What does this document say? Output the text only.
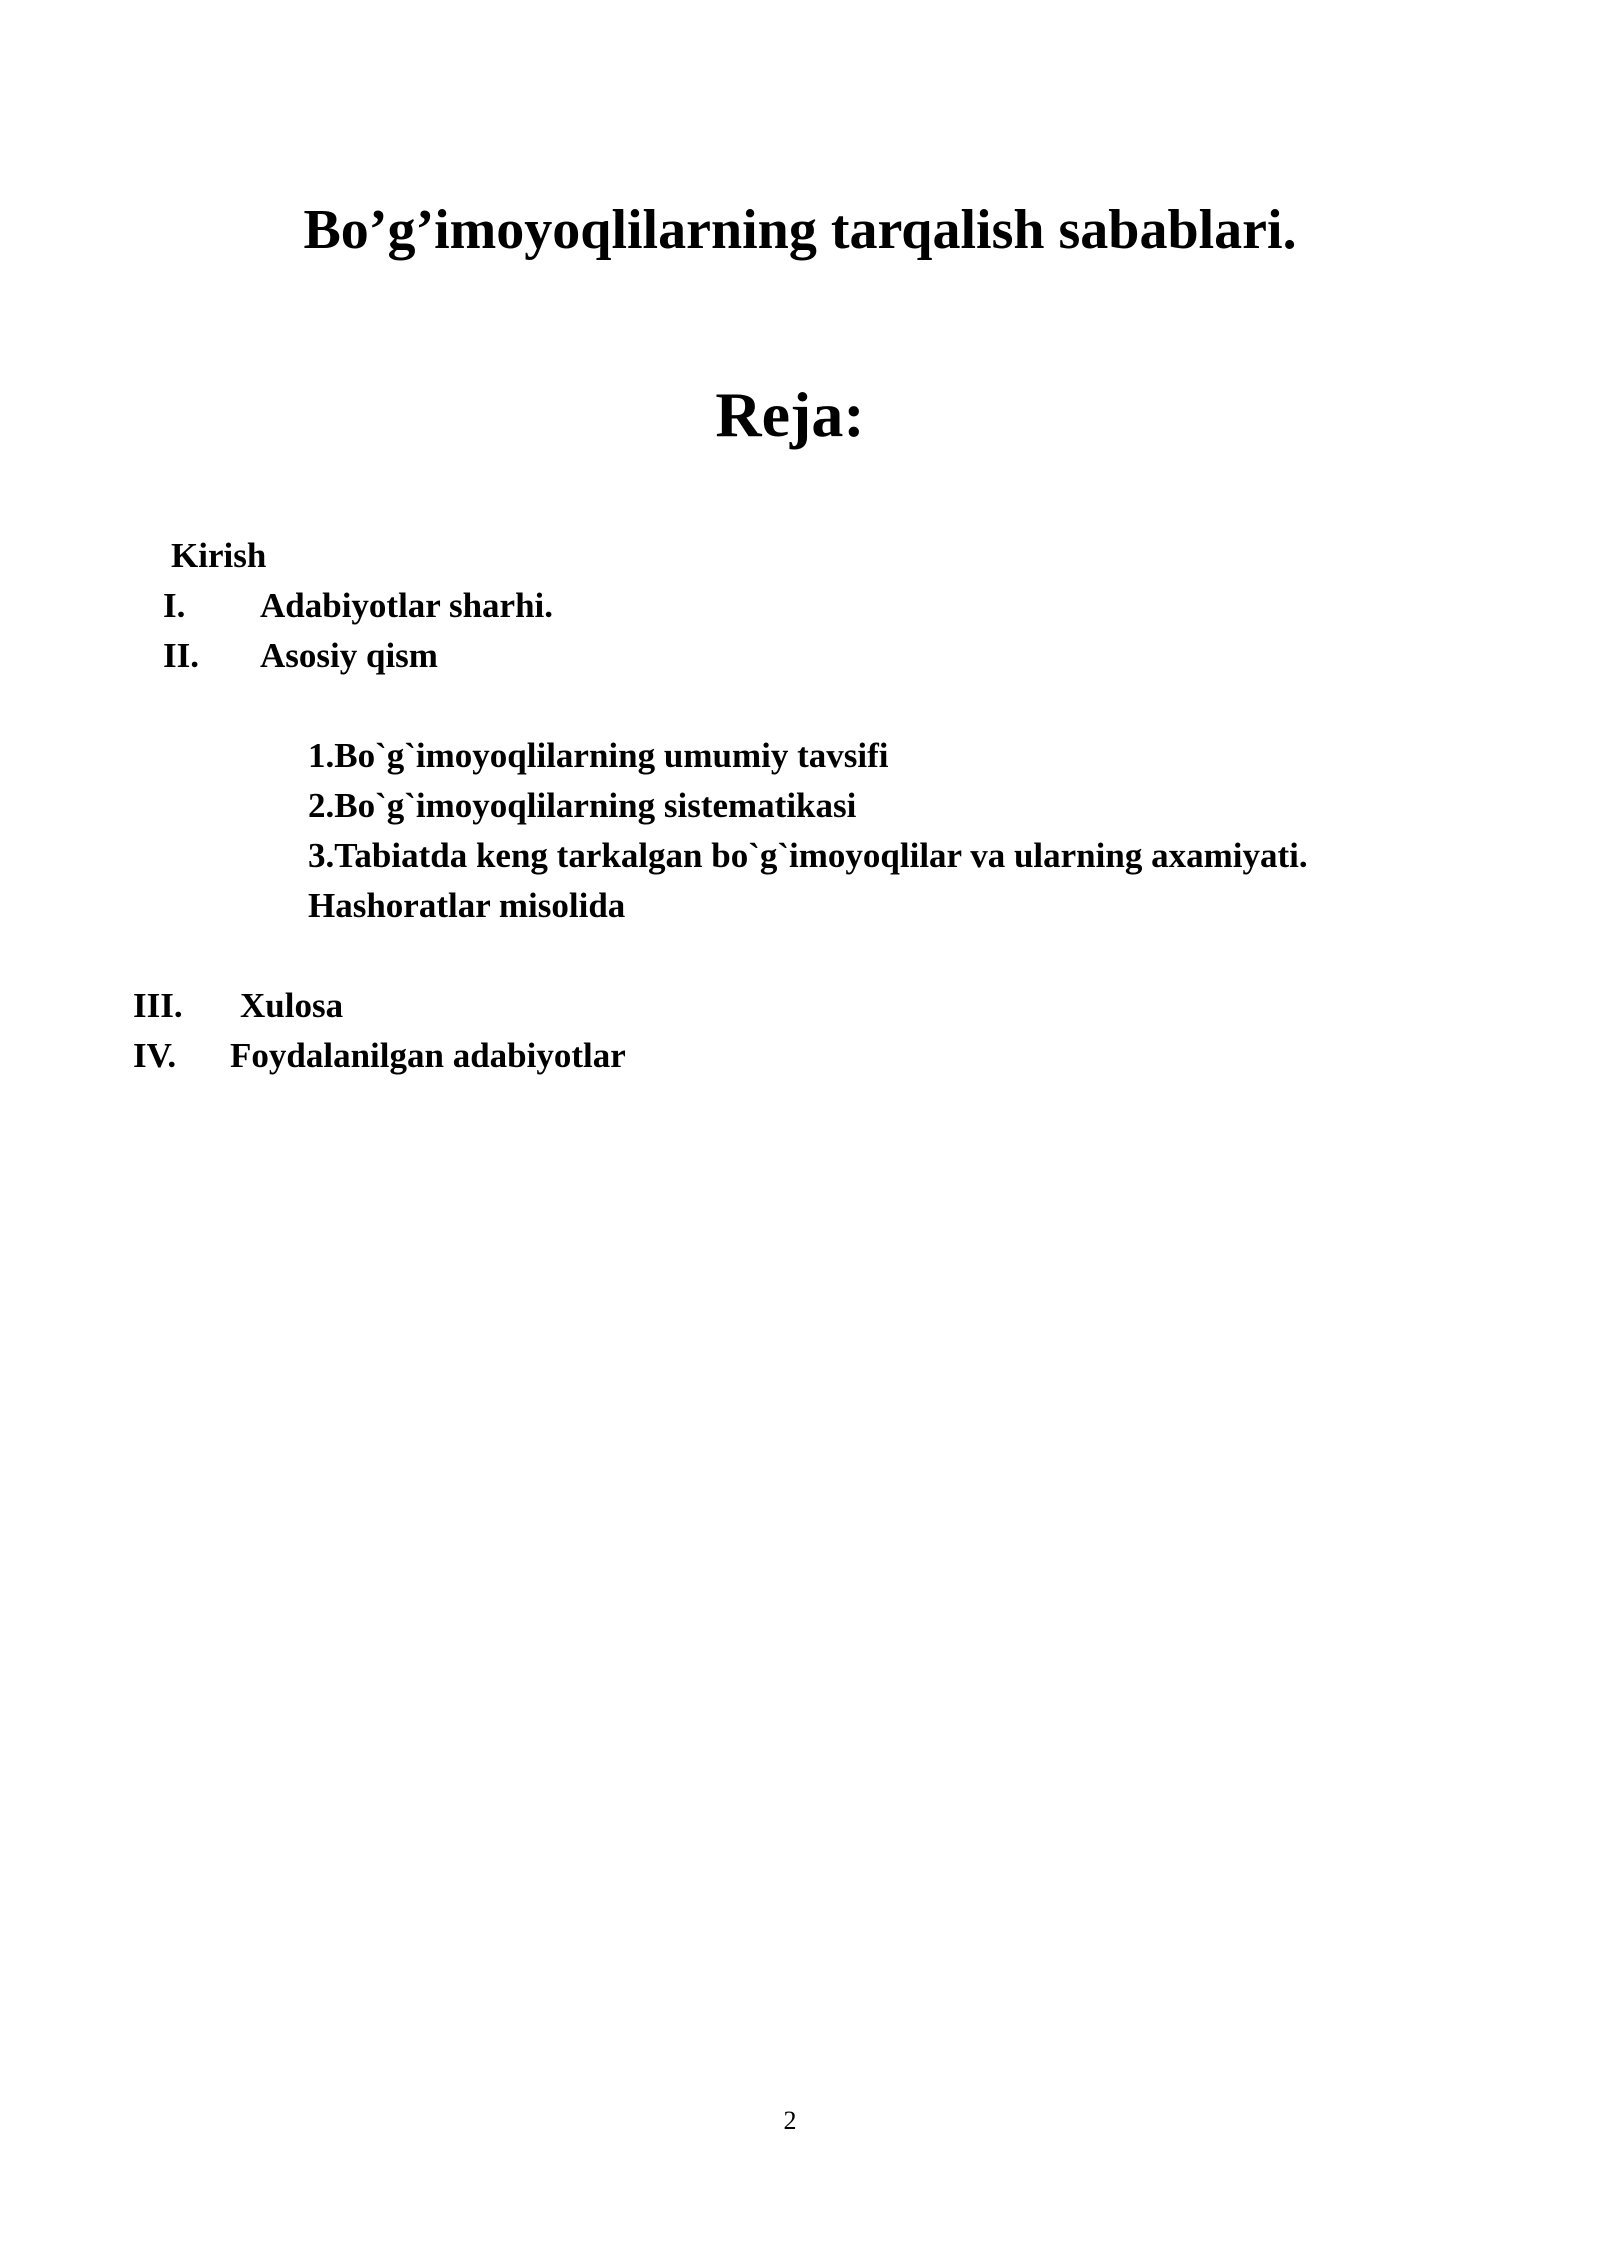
Bo’g’imoyoqlilarning tarqalish sabablari.
Reja:
Kirish
I. Adabiyotlar sharhi.
II. Asosiy qism
1.Bo`g`imoyoqlilarning umumiy tavsifi
2.Bo`g`imoyoqlilarning sistematikasi
3.Tabiatda keng tarkalgan bo`g`imoyoqlilar va ularning axamiyati.
Hashoratlar misolida
III. Xulosa
IV. Foydalanilgan adabiyotlar
2
